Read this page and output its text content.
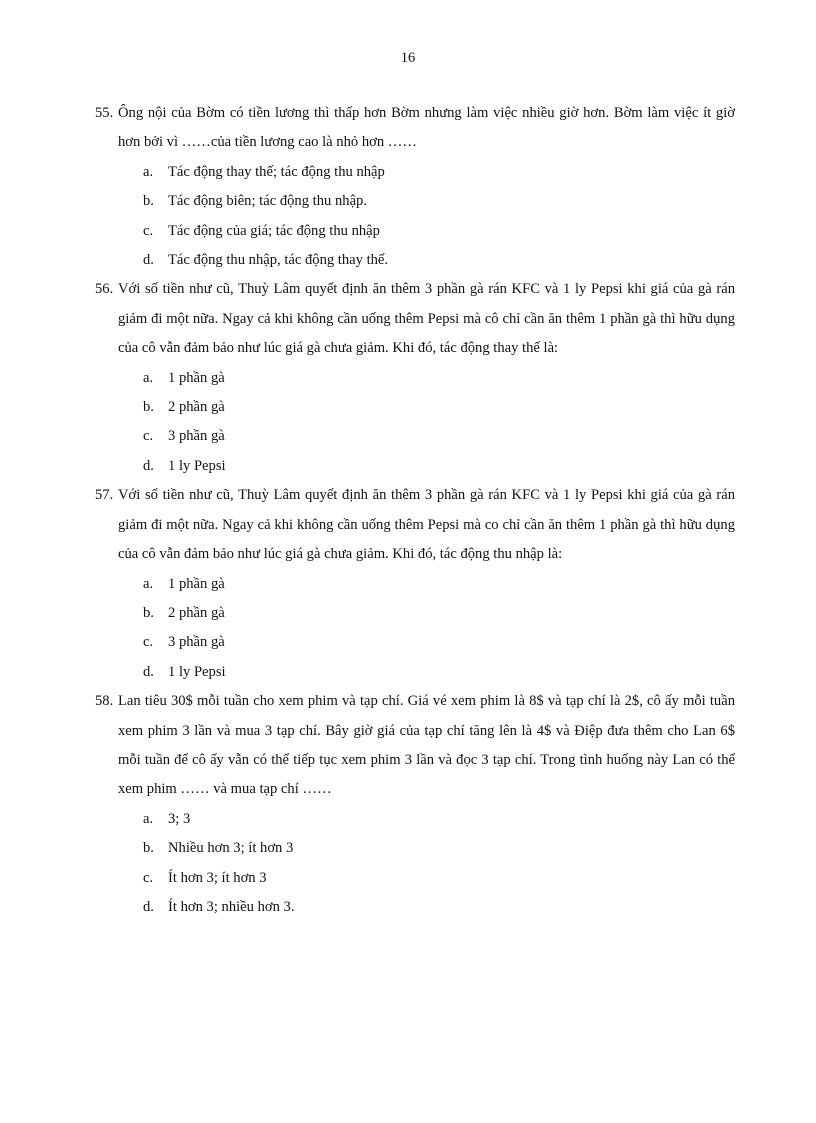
16
55. Ông nội của Bờm có tiền lương thì thấp hơn Bờm nhưng làm việc nhiều giờ hơn. Bờm làm việc ít giờ hơn bởi vì ……của tiền lương cao là nhỏ hơn ……
a.	Tác động thay thế; tác động thu nhập
b. Tác động biên; tác động thu nhập.
c.	Tác động của giá; tác động thu nhập
d. Tác động thu nhập, tác động thay thế.
56. Với số tiền như cũ, Thuỳ Lâm quyết định ăn thêm 3 phần gà rán KFC và 1 ly Pepsi khi giá của gà rán giảm đi một nữa. Ngay cả khi không cần uống thêm Pepsi mà cô chỉ cần ăn thêm 1 phần gà thì hữu dụng của cô vẫn đảm bảo như lúc giá gà chưa giảm. Khi đó, tác động thay thế là:
a.	1 phần gà
b. 2 phần gà
c.	3 phần gà
d. 1 ly Pepsi
57. Với số tiền như cũ, Thuỳ Lâm quyết định ăn thêm 3 phần gà rán KFC và 1 ly Pepsi khi giá của gà rán giảm đi một nữa. Ngay cả khi không cần uống thêm Pepsi mà co chỉ cần ăn thêm 1 phần gà thì hữu dụng của cô vẫn đảm bảo như lúc giá gà chưa giảm. Khi đó, tác động thu nhập là:
a.	1 phần gà
b. 2 phần gà
c.	3 phần gà
d. 1 ly Pepsi
58. Lan tiêu 30$ mỗi tuần cho xem phim và tạp chí. Giá vé xem phim là 8$ và tạp chí là 2$, cô ấy mỗi tuần xem phim 3 lần và mua 3 tạp chí. Bây giờ giá của tạp chí tăng lên là 4$ và Điệp đưa thêm cho Lan 6$ mỗi tuần để cô ấy vẫn có thể tiếp tục xem phim 3 lần và đọc 3 tạp chí. Trong tình huống này Lan có thể xem phim …… và mua tạp chí ……
a.	3; 3
b. Nhiều hơn 3; ít hơn 3
c.	Ít hơn 3; ít hơn 3
d. Ít hơn 3; nhiều hơn 3.
